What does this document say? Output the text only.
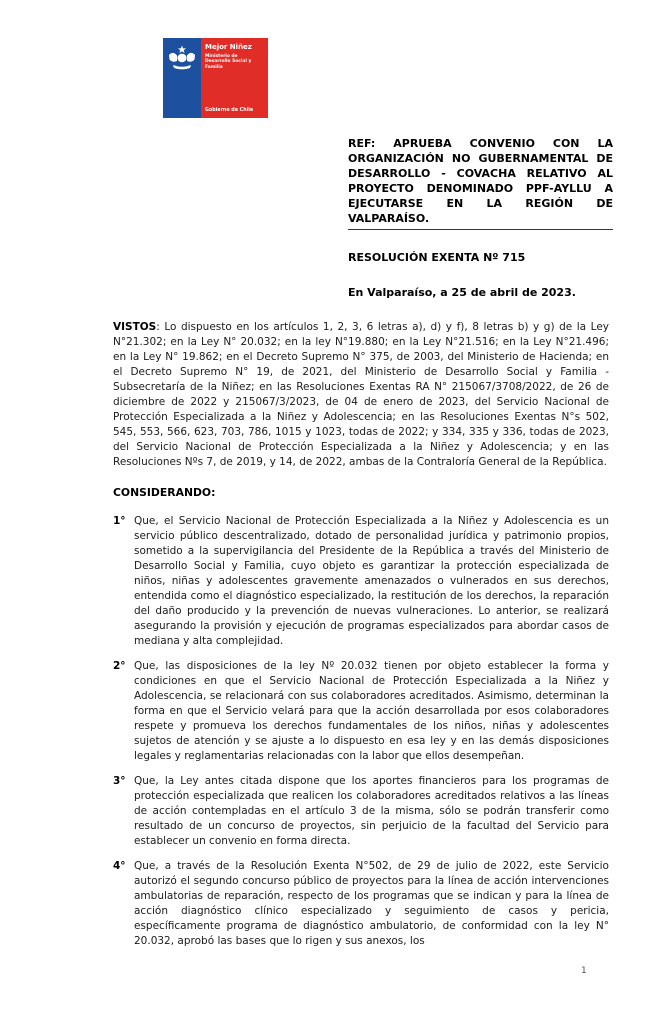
Mejor Niñez
Ministerio de Desarrollo Social y Familia
Gobierno de Chile
REF: APRUEBA CONVENIO CON LA ORGANIZACIÓN NO GUBERNAMENTAL DE DESARROLLO - COVACHA RELATIVO AL PROYECTO DENOMINADO PPF-AYLLU A EJECUTARSE EN LA REGIÓN DE VALPARAÍSO.
RESOLUCIÓN EXENTA Nº 715
En Valparaíso, a 25 de abril de 2023.

VISTOS: Lo dispuesto en los artículos 1, 2, 3, 6 letras a), d) y f), 8 letras b) y g) de la Ley N°21.302; en la Ley N° 20.032; en la ley N°19.880; en la Ley N°21.516; en la Ley N°21.496; en la Ley N° 19.862; en el Decreto Supremo N° 375, de 2003, del Ministerio de Hacienda; en el Decreto Supremo N° 19, de 2021, del Ministerio de Desarrollo Social y Familia - Subsecretaría de la Niñez; en las Resoluciones Exentas RA N° 215067/3708/2022, de 26 de diciembre de 2022 y 215067/3/2023, de 04 de enero de 2023, del Servicio Nacional de Protección Especializada a la Niñez y Adolescencia; en las Resoluciones Exentas N°s 502, 545, 553, 566, 623, 703, 786, 1015 y 1023, todas de 2022; y 334, 335 y 336, todas de 2023, del Servicio Nacional de Protección Especializada a la Niñez y Adolescencia; y en las Resoluciones Nºs 7, de 2019, y 14, de 2022, ambas de la Contraloría General de la República.

CONSIDERANDO:
1° Que, el Servicio Nacional de Protección Especializada a la Niñez y Adolescencia es un servicio público descentralizado, dotado de personalidad jurídica y patrimonio propios, sometido a la supervigilancia del Presidente de la República a través del Ministerio de Desarrollo Social y Familia, cuyo objeto es garantizar la protección especializada de niños, niñas y adolescentes gravemente amenazados o vulnerados en sus derechos, entendida como el diagnóstico especializado, la restitución de los derechos, la reparación del daño producido y la prevención de nuevas vulneraciones. Lo anterior, se realizará asegurando la provisión y ejecución de programas especializados para abordar casos de mediana y alta complejidad.
2° Que, las disposiciones de la ley Nº 20.032 tienen por objeto establecer la forma y condiciones en que el Servicio Nacional de Protección Especializada a la Niñez y Adolescencia, se relacionará con sus colaboradores acreditados. Asimismo, determinan la forma en que el Servicio velará para que la acción desarrollada por esos colaboradores respete y promueva los derechos fundamentales de los niños, niñas y adolescentes sujetos de atención y se ajuste a lo dispuesto en esa ley y en las demás disposiciones legales y reglamentarias relacionadas con la labor que ellos desempeñan.
3° Que, la Ley antes citada dispone que los aportes financieros para los programas de protección especializada que realicen los colaboradores acreditados relativos a las líneas de acción contempladas en el artículo 3 de la misma, sólo se podrán transferir como resultado de un concurso de proyectos, sin perjuicio de la facultad del Servicio para establecer un convenio en forma directa.
4° Que, a través de la Resolución Exenta N°502, de 29 de julio de 2022, este Servicio autorizó el segundo concurso público de proyectos para la línea de acción intervenciones ambulatorias de reparación, respecto de los programas que se indican y para la línea de acción diagnóstico clínico especializado y seguimiento de casos y pericia, específicamente programa de diagnóstico ambulatorio, de conformidad con la ley N° 20.032, aprobó las bases que lo rigen y sus anexos, los
1
